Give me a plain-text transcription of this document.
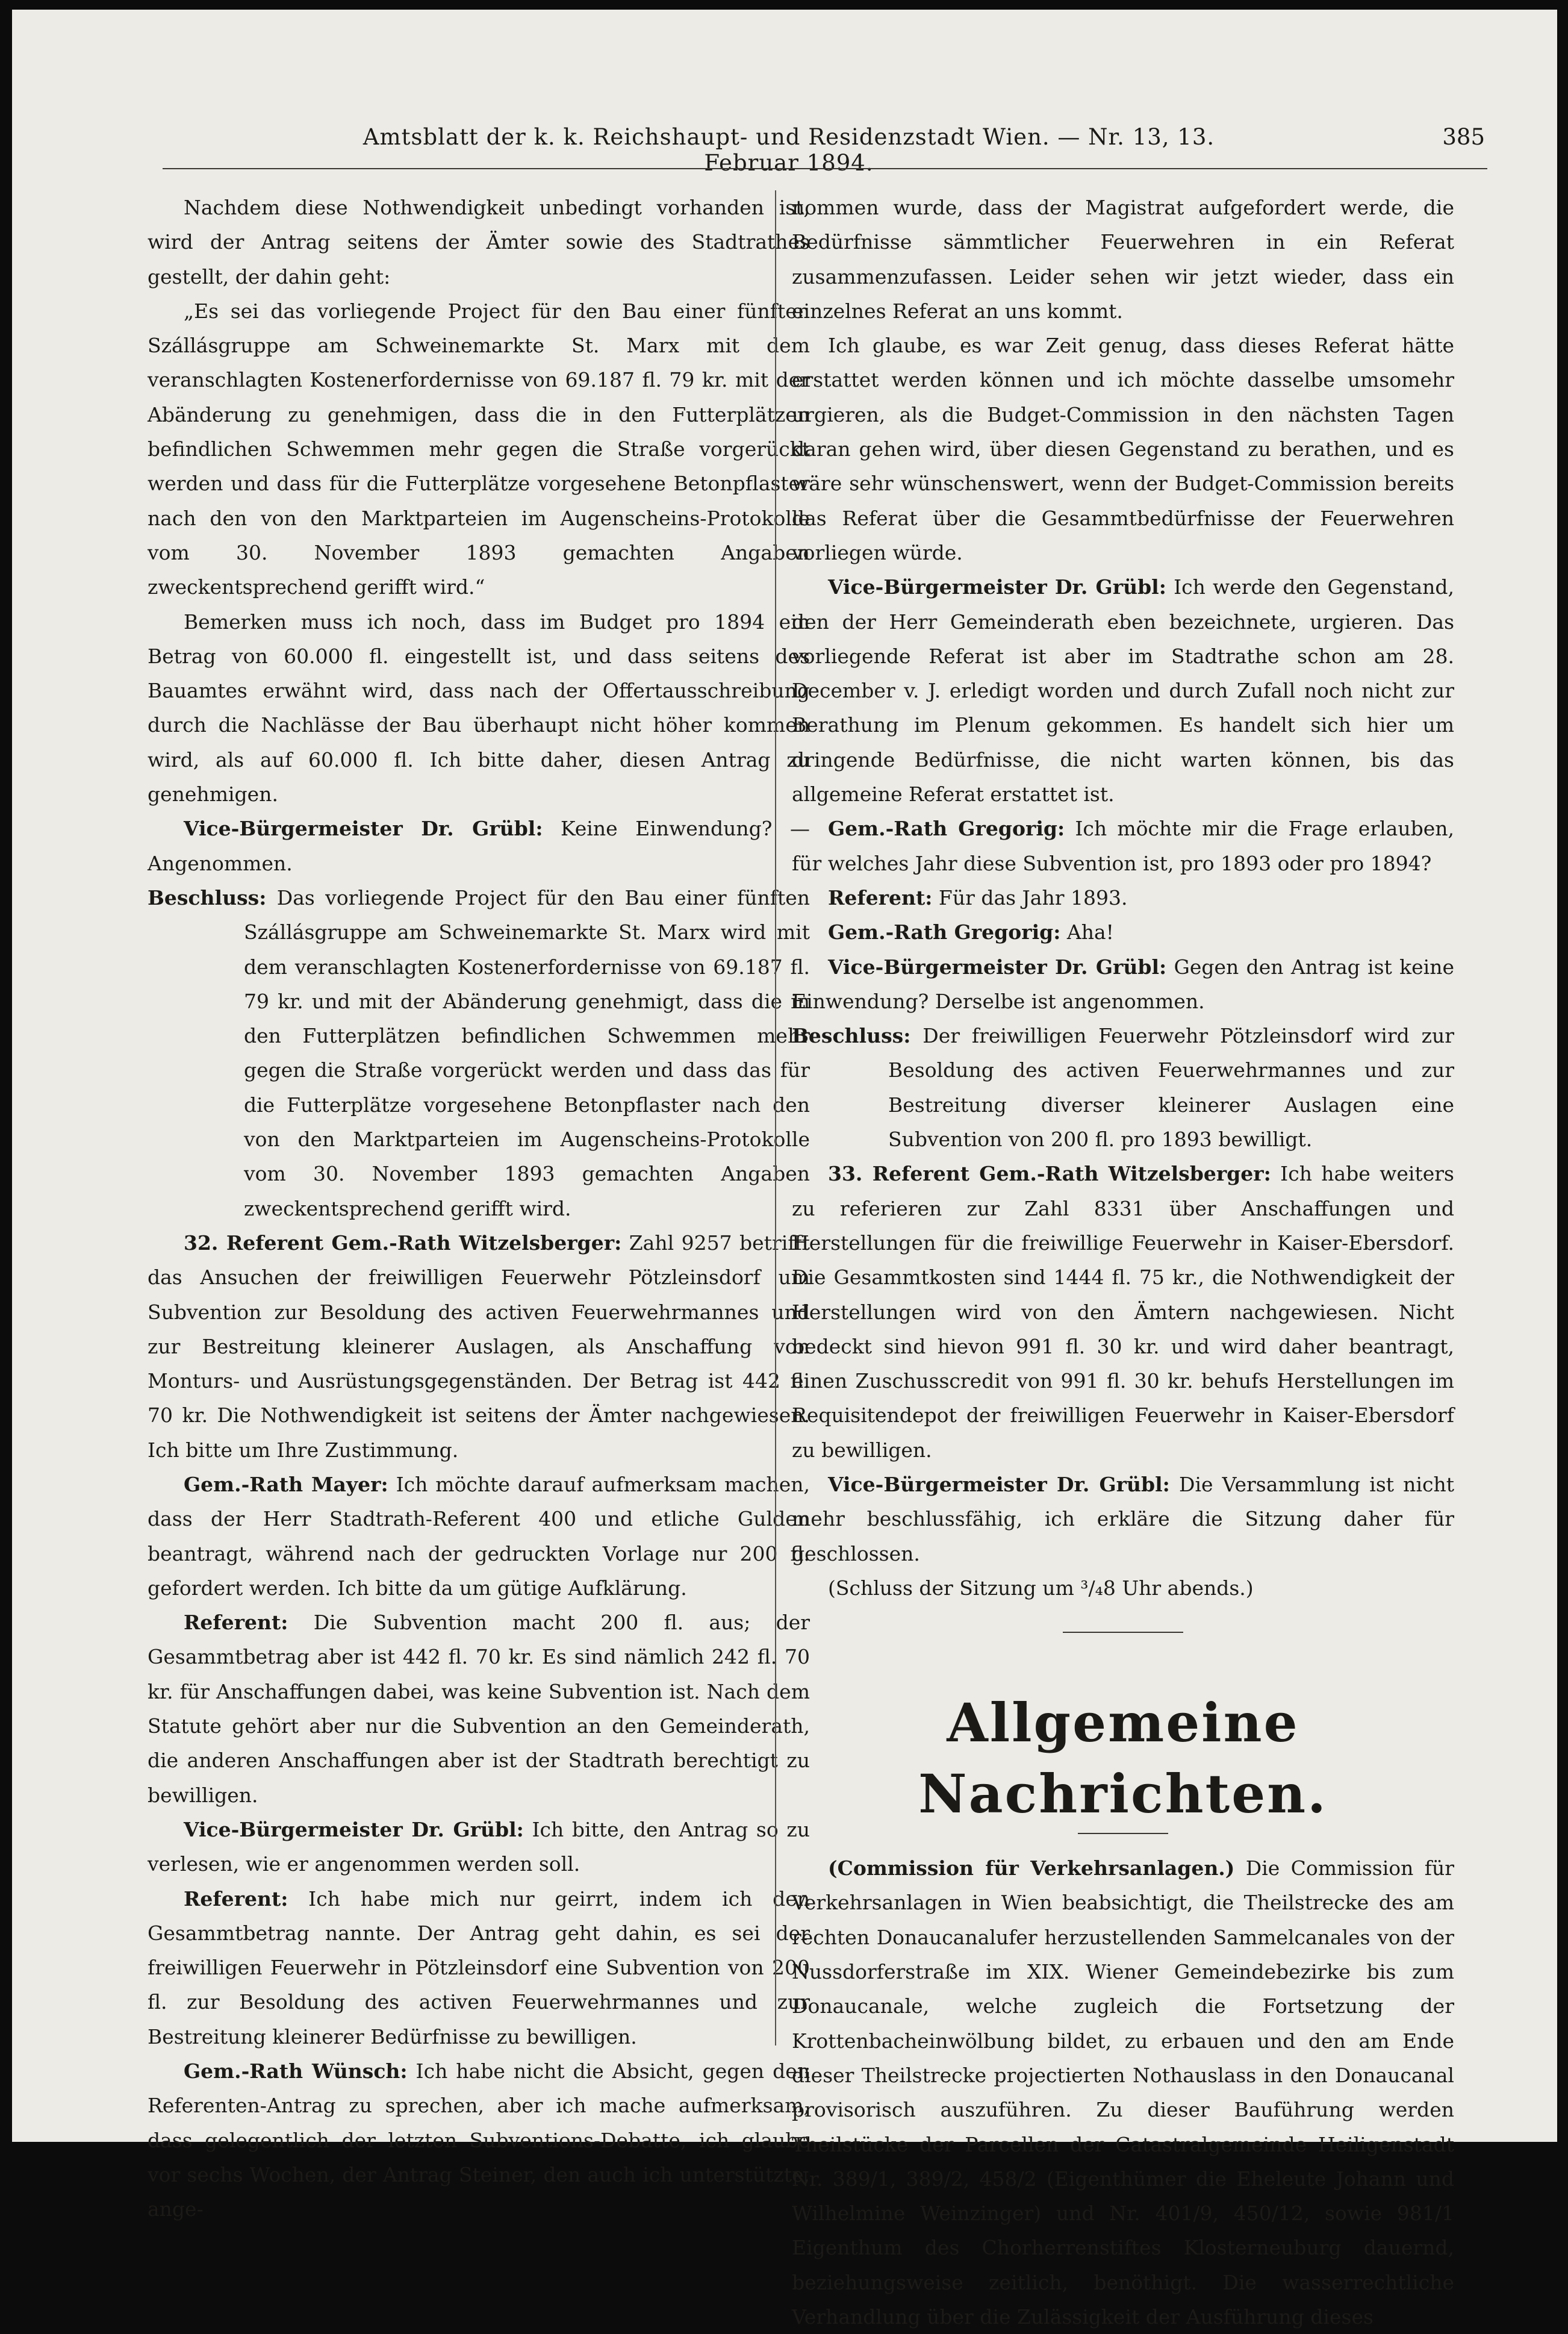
Amtsblatt der k. k. Reichshaupt- und Residenzstadt Wien. — Nr. 13, 13. Februar 1894.
385

Nachdem diese Nothwendigkeit unbedingt vorhanden ist, wird der Antrag seitens der Ämter sowie des Stadtrathes gestellt, der dahin geht:

„Es sei das vorliegende Project für den Bau einer fünften Szállásgruppe am Schweinemarkte St. Marx mit dem veranschlagten Kostenerfordernisse von 69.187 fl. 79 kr. mit der Abänderung zu genehmigen, dass die in den Futterplätzen befindlichen Schwemmen mehr gegen die Straße vorgerückt werden und dass für die Futterplätze vorgesehene Betonpflaster nach den von den Marktparteien im Augenscheins-Protokolle vom 30. November 1893 gemachten Angaben zweckentsprechend gerifft wird.“

Bemerken muss ich noch, dass im Budget pro 1894 ein Betrag von 60.000 fl. eingestellt ist, und dass seitens des Bauamtes erwähnt wird, dass nach der Offertausschreibung durch die Nachlässe der Bau überhaupt nicht höher kommen wird, als auf 60.000 fl. Ich bitte daher, diesen Antrag zu genehmigen.

Vice-Bürgermeister Dr. Grübl: Keine Einwendung? — Angenommen.

Beschluss: Das vorliegende Project für den Bau einer fünften Szállásgruppe am Schweinemarkte St. Marx wird mit dem veranschlagten Kostenerfordernisse von 69.187 fl. 79 kr. und mit der Abänderung genehmigt, dass die in den Futterplätzen befindlichen Schwemmen mehr gegen die Straße vorgerückt werden und dass das für die Futterplätze vorgesehene Betonpflaster nach den von den Marktparteien im Augenscheins-Protokolle vom 30. November 1893 gemachten Angaben zweckentsprechend gerifft wird.

32. Referent Gem.-Rath Witzelsberger: Zahl 9257 betrifft das Ansuchen der freiwilligen Feuerwehr Pötzleinsdorf um Subvention zur Besoldung des activen Feuerwehrmannes und zur Bestreitung kleinerer Auslagen, als Anschaffung von Monturs- und Ausrüstungsgegenständen. Der Betrag ist 442 fl. 70 kr. Die Nothwendigkeit ist seitens der Ämter nachgewiesen. Ich bitte um Ihre Zustimmung.

Gem.-Rath Mayer: Ich möchte darauf aufmerksam machen, dass der Herr Stadtrath-Referent 400 und etliche Gulden beantragt, während nach der gedruckten Vorlage nur 200 fl. gefordert werden. Ich bitte da um gütige Aufklärung.

Referent: Die Subvention macht 200 fl. aus; der Gesammtbetrag aber ist 442 fl. 70 kr. Es sind nämlich 242 fl. 70 kr. für Anschaffungen dabei, was keine Subvention ist. Nach dem Statute gehört aber nur die Subvention an den Gemeinderath, die anderen Anschaffungen aber ist der Stadtrath berechtigt zu bewilligen.

Vice-Bürgermeister Dr. Grübl: Ich bitte, den Antrag so zu verlesen, wie er angenommen werden soll.

Referent: Ich habe mich nur geirrt, indem ich den Gesammtbetrag nannte. Der Antrag geht dahin, es sei der freiwilligen Feuerwehr in Pötzleinsdorf eine Subvention von 200 fl. zur Besoldung des activen Feuerwehrmannes und zur Bestreitung kleinerer Bedürfnisse zu bewilligen.

Gem.-Rath Wünsch: Ich habe nicht die Absicht, gegen den Referenten-Antrag zu sprechen, aber ich mache aufmerksam, dass gelegentlich der letzten Subventions-Debatte, ich glaube vor sechs Wochen, der Antrag Steiner, den auch ich unterstützte, ange-

nommen wurde, dass der Magistrat aufgefordert werde, die Bedürfnisse sämmtlicher Feuerwehren in ein Referat zusammenzufassen. Leider sehen wir jetzt wieder, dass ein einzelnes Referat an uns kommt.

Ich glaube, es war Zeit genug, dass dieses Referat hätte erstattet werden können und ich möchte dasselbe umsomehr urgieren, als die Budget-Commission in den nächsten Tagen daran gehen wird, über diesen Gegenstand zu berathen, und es wäre sehr wünschenswert, wenn der Budget-Commission bereits das Referat über die Gesammtbedürfnisse der Feuerwehren vorliegen würde.

Vice-Bürgermeister Dr. Grübl: Ich werde den Gegenstand, den der Herr Gemeinderath eben bezeichnete, urgieren. Das vorliegende Referat ist aber im Stadtrathe schon am 28. December v. J. erledigt worden und durch Zufall noch nicht zur Berathung im Plenum gekommen. Es handelt sich hier um dringende Bedürfnisse, die nicht warten können, bis das allgemeine Referat erstattet ist.

Gem.-Rath Gregorig: Ich möchte mir die Frage erlauben, für welches Jahr diese Subvention ist, pro 1893 oder pro 1894?

Referent: Für das Jahr 1893.

Gem.-Rath Gregorig: Aha!

Vice-Bürgermeister Dr. Grübl: Gegen den Antrag ist keine Einwendung? Derselbe ist angenommen.

Beschluss: Der freiwilligen Feuerwehr Pötzleinsdorf wird zur Besoldung des activen Feuerwehrmannes und zur Bestreitung diverser kleinerer Auslagen eine Subvention von 200 fl. pro 1893 bewilligt.

33. Referent Gem.-Rath Witzelsberger: Ich habe weiters zu referieren zur Zahl 8331 über Anschaffungen und Herstellungen für die freiwillige Feuerwehr in Kaiser-Ebersdorf. Die Gesammtkosten sind 1444 fl. 75 kr., die Nothwendigkeit der Herstellungen wird von den Ämtern nachgewiesen. Nicht bedeckt sind hievon 991 fl. 30 kr. und wird daher beantragt, einen Zuschusscredit von 991 fl. 30 kr. behufs Herstellungen im Requisitendepot der freiwilligen Feuerwehr in Kaiser-Ebersdorf zu bewilligen.

Vice-Bürgermeister Dr. Grübl: Die Versammlung ist nicht mehr beschlussfähig, ich erkläre die Sitzung daher für geschlossen.

(Schluss der Sitzung um ³/₄8 Uhr abends.)

Allgemeine Nachrichten.

(Commission für Verkehrsanlagen.) Die Commission für Verkehrsanlagen in Wien beabsichtigt, die Theilstrecke des am rechten Donaucanalufer herzustellenden Sammelcanales von der Nussdorferstraße im XIX. Wiener Gemeindebezirke bis zum Donaucanale, welche zugleich die Fortsetzung der Krottenbacheinwölbung bildet, zu erbauen und den am Ende dieser Theilstrecke projectierten Nothauslass in den Donaucanal provisorisch auszuführen. Zu dieser Bauführung werden Theilstücke der Parcellen der Catastralgemeinde Heiligenstadt Nr. 389/1, 389/2, 458/2 (Eigenthümer die Eheleute Johann und Wilhelmine Weinzinger) und Nr. 401/9, 450/12, sowie 981/1 Eigenthum des Chorherrenstiftes Klosterneuburg dauernd, beziehungsweise zeitlich, benöthigt. Die wasserrechtliche Verhandlung über die Zulässigkeit der Ausführung dieses
